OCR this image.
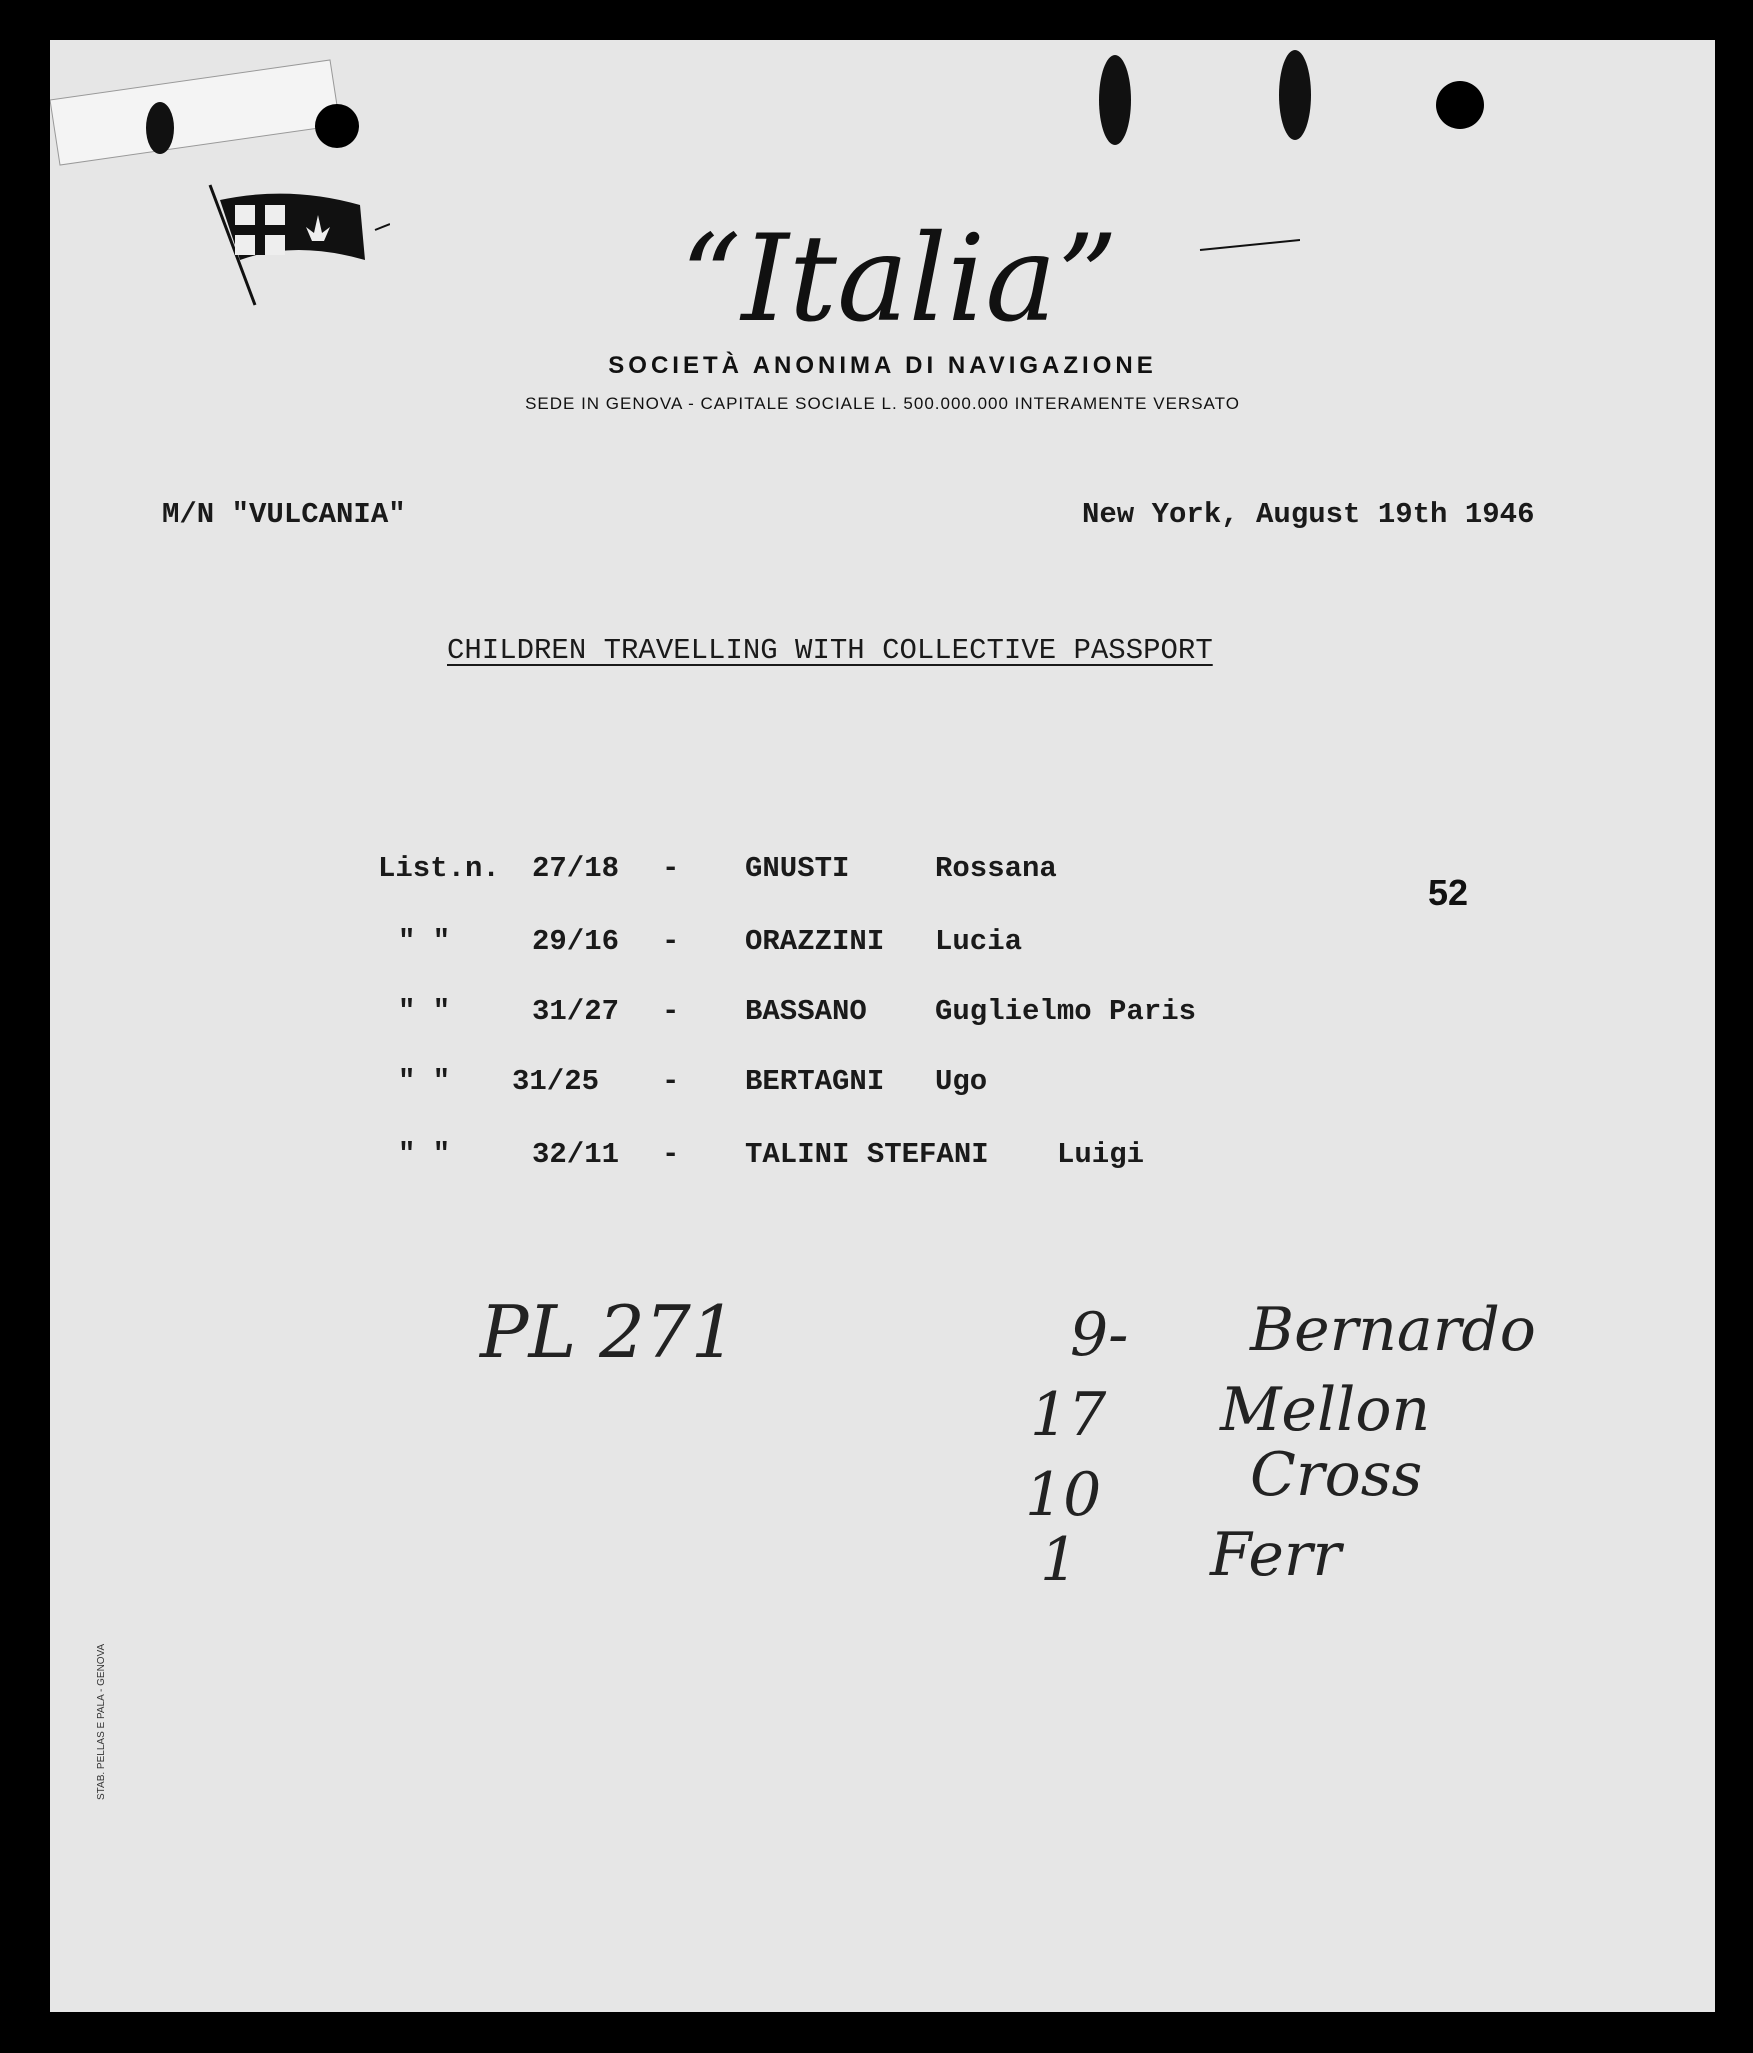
“Italia”
SOCIETÀ ANONIMA DI NAVIGAZIONE
SEDE IN GENOVA - CAPITALE SOCIALE L. 500.000.000 INTERAMENTE VERSATO
M/N "VULCANIA"	New York, August 19th 1946
CHILDREN TRAVELLING WITH COLLECTIVE PASSPORT
52
List.n. 27/18 - GNUSTI	Rossana
" "	29/16 - ORAZZINI Lucia
" "	31/27 - BASSANO Guglielmo Paris
" " 31/25 - BERTAGNI Ugo
" "	32/11 - TALINI STEFANI Luigi
PL 271	9- Bernardo
17 Mellon
10 Cross
1 Ferr
STAB. PELLAS E PALA - GENOVA
